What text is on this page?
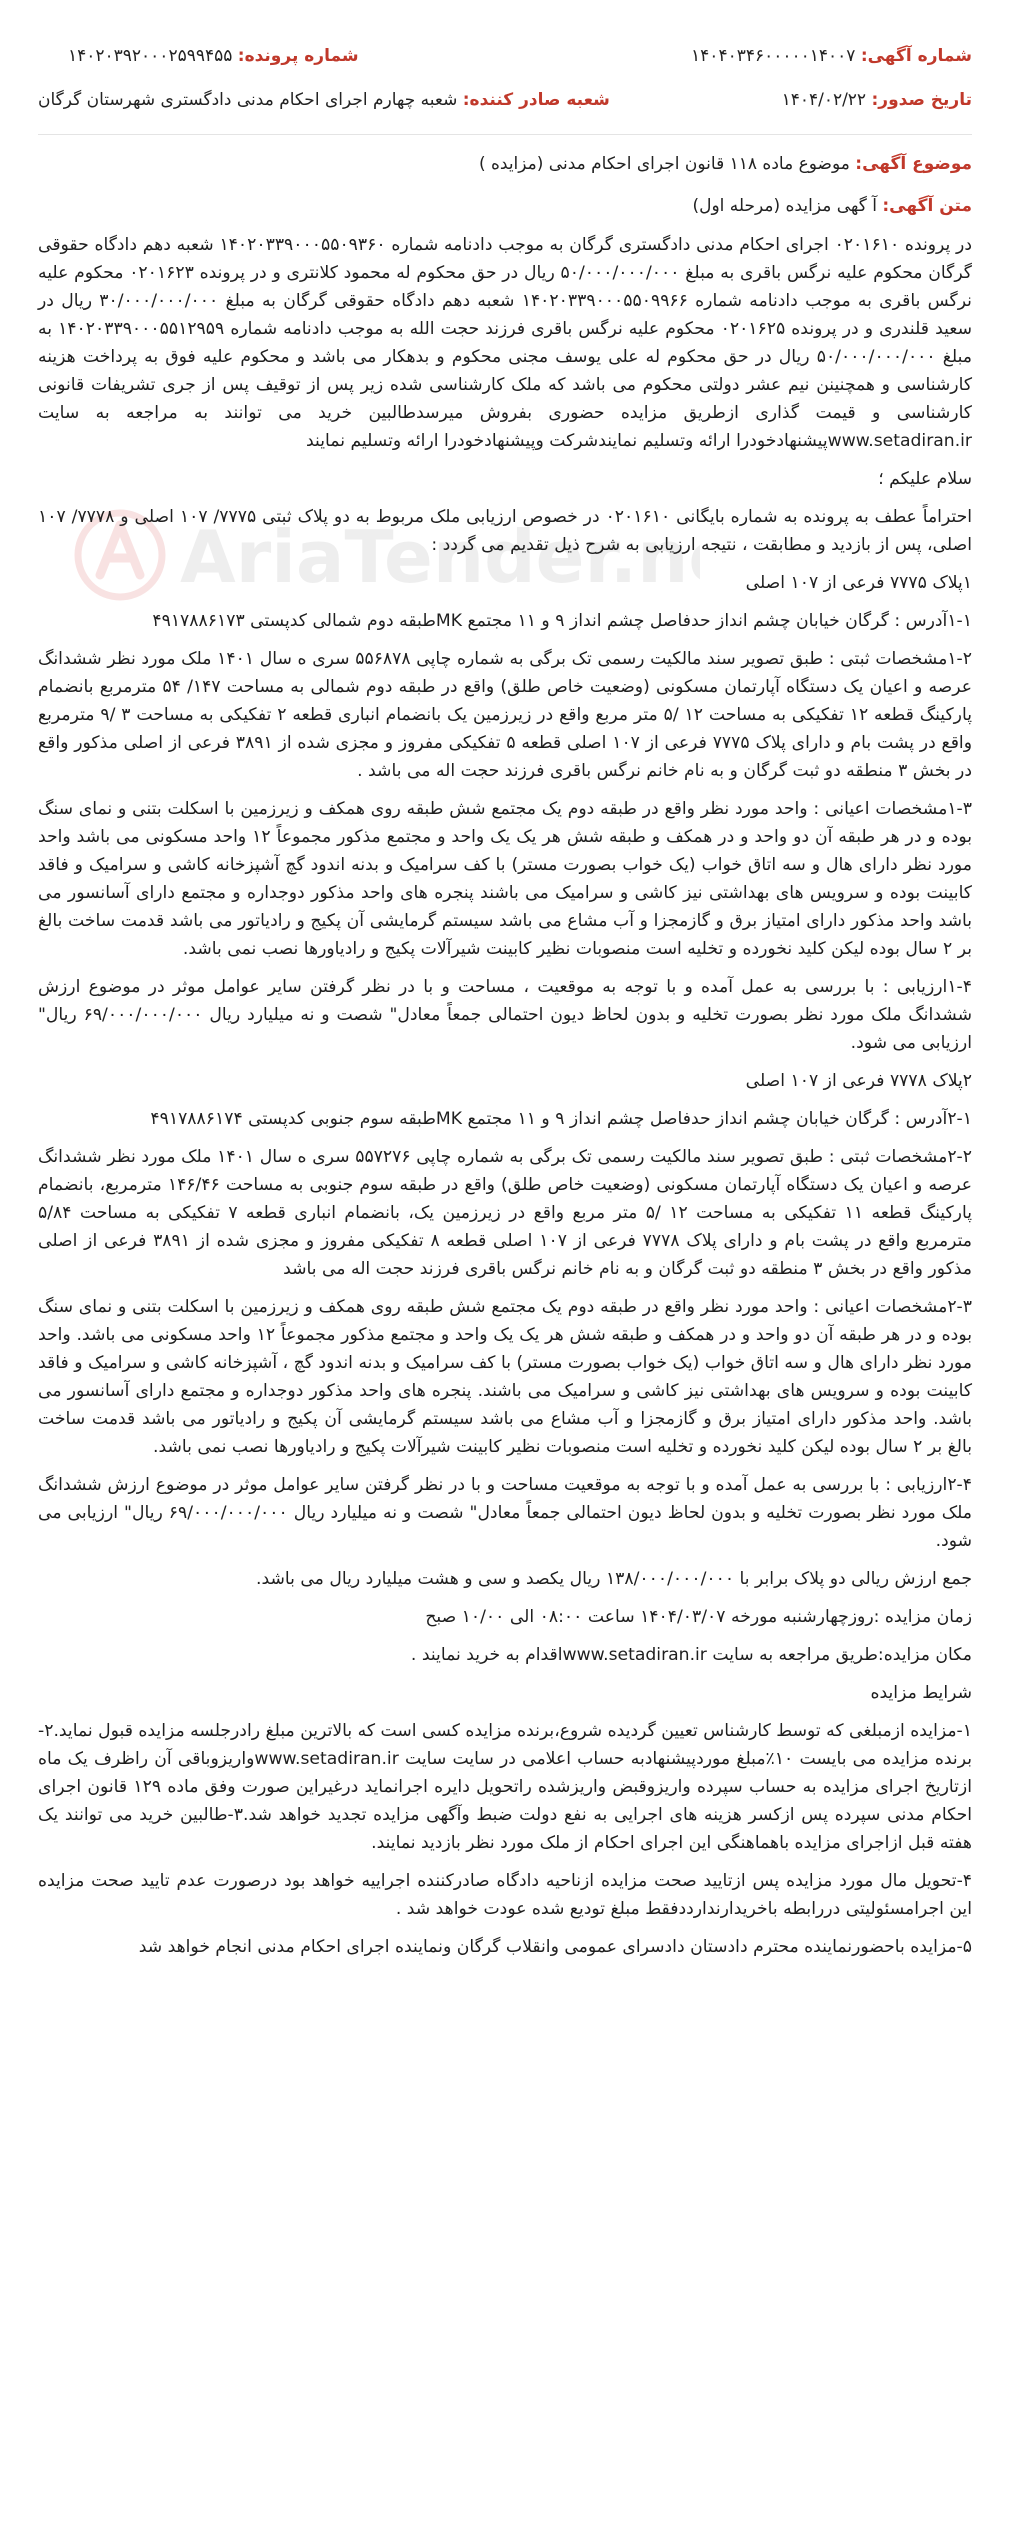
AriaTender.n
شماره آگهی: ۱۴۰۴۰۳۴۶۰۰۰۰۰۱۴۰۰۷
شماره پرونده: ۱۴۰۲۰۳۹۲۰۰۰۲۵۹۹۴۵۵
تاریخ صدور: ۱۴۰۴/۰۲/۲۲
شعبه صادر کننده: شعبه چهارم اجرای احکام مدنی دادگستری شهرستان گرگان

موضوع آگهی: موضوع ماده ۱۱۸ قانون اجرای احکام مدنی (مزایده )

متن آگهی: آ گهی مزایده (مرحله اول)

در پرونده ۰۲۰۱۶۱۰ اجرای احکام مدنی دادگستری گرگان به موجب دادنامه شماره ۱۴۰۲۰۳۳۹۰۰۰۵۵۰۹۳۶۰ شعبه دهم دادگاه حقوقی گرگان محکوم علیه نرگس باقری به مبلغ ۵۰/۰۰۰/۰۰۰/۰۰۰ ریال در حق محکوم له محمود کلانتری و در پرونده ۰۲۰۱۶۲۳ محکوم علیه نرگس باقری به موجب دادنامه شماره ۱۴۰۲۰۳۳۹۰۰۰۵۵۰۹۹۶۶ شعبه دهم دادگاه حقوقی گرگان به مبلغ ۳۰/۰۰۰/۰۰۰/۰۰۰ ریال در سعید قلندری و در پرونده ۰۲۰۱۶۲۵ محکوم علیه نرگس باقری فرزند حجت الله به موجب دادنامه شماره ۱۴۰۲۰۳۳۹۰۰۰۵۵۱۲۹۵۹ به مبلغ ۵۰/۰۰۰/۰۰۰/۰۰۰ ریال در حق محکوم له علی یوسف مجنی محکوم و بدهکار می باشد و محکوم علیه فوق به پرداخت هزینه کارشناسی و همچنینن نیم عشر دولتی محکوم می باشد که ملک کارشناسی شده زیر پس از توقیف پس از جری تشریفات قانونی کارشناسی و قیمت گذاری ازطریق مزایده حضوری بفروش میرسدطالبین خرید می توانند به مراجعه به سایت www.setadiran.irپیشنهادخودرا ارائه وتسلیم نمایندشرکت وپیشنهادخودرا ارائه وتسلیم نمایند

سلام علیکم ؛

احتراماً عطف به پرونده به شماره بایگانی ۰۲۰۱۶۱۰ در خصوص ارزیابی ملک مربوط به دو پلاک ثبتی ۷۷۷۵/ ۱۰۷ اصلی و ۷۷۷۸/ ۱۰۷ اصلی، پس از بازدید و مطابقت ، نتیجه ارزیابی به شرح ذیل تقدیم می گردد :

۱پلاک ۷۷۷۵ فرعی از ۱۰۷ اصلی

۱-۱آدرس : گرگان خیابان چشم انداز حدفاصل چشم انداز ۹ و ۱۱ مجتمع MKطبقه دوم شمالی کدپستی ۴۹۱۷۸۸۶۱۷۳

۱-۲مشخصات ثبتی : طبق تصویر سند مالکیت رسمی تک برگی به شماره چاپی ۵۵۶۸۷۸ سری ه سال ۱۴۰۱ ملک مورد نظر ششدانگ عرصه و اعیان یک دستگاه آپارتمان مسکونی (وضعیت خاص طلق) واقع در طبقه دوم شمالی به مساحت ۱۴۷/ ۵۴ مترمربع بانضمام پارکینگ قطعه ۱۲ تفکیکی به مساحت ۱۲ /۵ متر مربع واقع در زیرزمین یک بانضمام انباری قطعه ۲ تفکیکی به مساحت ۳ /۹ مترمربع واقع در پشت بام و دارای پلاک ۷۷۷۵ فرعی از ۱۰۷ اصلی قطعه ۵ تفکیکی مفروز و مجزی شده از ۳۸۹۱ فرعی از اصلی مذکور واقع در بخش ۳ منطقه دو ثبت گرگان و به نام خانم نرگس باقری فرزند حجت اله می باشد .

۱-۳مشخصات اعیانی : واحد مورد نظر واقع در طبقه دوم یک مجتمع شش طبقه روی همکف و زیرزمین با اسکلت بتنی و نمای سنگ بوده و در هر طبقه آن دو واحد و در همکف و طبقه شش هر یک یک واحد و مجتمع مذکور مجموعاً ۱۲ واحد مسکونی می باشد واحد مورد نظر دارای هال و سه اتاق خواب (یک خواب بصورت مستر) با کف سرامیک و بدنه اندود گچ آشپزخانه کاشی و سرامیک و فاقد کابینت بوده و سرویس های بهداشتی نیز کاشی و سرامیک می باشند پنجره های واحد مذکور دوجداره و مجتمع دارای آسانسور می باشد واحد مذکور دارای امتیاز برق و گازمجزا و آب مشاع می باشد سیستم گرمایشی آن پکیج و رادیاتور می باشد قدمت ساخت بالغ بر ۲ سال بوده لیکن کلید نخورده و تخلیه است منصوبات نظیر کابینت شیرآلات پکیج و رادیاورها نصب نمی باشد.

۱-۴ارزیابی : با بررسی به عمل آمده و با توجه به موقعیت ، مساحت و با در نظر گرفتن سایر عوامل موثر در موضوع ارزش ششدانگ ملک مورد نظر بصورت تخلیه و بدون لحاظ دیون احتمالی جمعاً معادل" شصت و نه میلیارد ریال ۶۹/۰۰۰/۰۰۰/۰۰۰ ریال" ارزیابی می شود.

۲پلاک ۷۷۷۸ فرعی از ۱۰۷ اصلی

۲-۱آدرس : گرگان خیابان چشم انداز حدفاصل چشم انداز ۹ و ۱۱ مجتمع MKطبقه سوم جنوبی کدپستی ۴۹۱۷۸۸۶۱۷۴

۲-۲مشخصات ثبتی : طبق تصویر سند مالکیت رسمی تک برگی به شماره چاپی ۵۵۷۲۷۶ سری ه سال ۱۴۰۱ ملک مورد نظر ششدانگ عرصه و اعیان یک دستگاه آپارتمان مسکونی (وضعیت خاص طلق) واقع در طبقه سوم جنوبی به مساحت ۱۴۶/۴۶ مترمربع، بانضمام پارکینگ قطعه ۱۱ تفکیکی به مساحت ۱۲ /۵ متر مربع واقع در زیرزمین یک، بانضمام انباری قطعه ۷ تفکیکی به مساحت ۵/۸۴ مترمربع واقع در پشت بام و دارای پلاک ۷۷۷۸ فرعی از ۱۰۷ اصلی قطعه ۸ تفکیکی مفروز و مجزی شده از ۳۸۹۱ فرعی از اصلی مذکور واقع در بخش ۳ منطقه دو ثبت گرگان و به نام خانم نرگس باقری فرزند حجت اله می باشد

۲-۳مشخصات اعیانی : واحد مورد نظر واقع در طبقه دوم یک مجتمع شش طبقه روی همکف و زیرزمین با اسکلت بتنی و نمای سنگ بوده و در هر طبقه آن دو واحد و در همکف و طبقه شش هر یک یک واحد و مجتمع مذکور مجموعاً ۱۲ واحد مسکونی می باشد. واحد مورد نظر دارای هال و سه اتاق خواب (یک خواب بصورت مستر) با کف سرامیک و بدنه اندود گچ ، آشپزخانه کاشی و سرامیک و فاقد کابینت بوده و سرویس های بهداشتی نیز کاشی و سرامیک می باشند. پنجره های واحد مذکور دوجداره و مجتمع دارای آسانسور می باشد. واحد مذکور دارای امتیاز برق و گازمجزا و آب مشاع می باشد سیستم گرمایشی آن پکیج و رادیاتور می باشد قدمت ساخت بالغ بر ۲ سال بوده لیکن کلید نخورده و تخلیه است منصوبات نظیر کابینت شیرآلات پکیج و رادیاورها نصب نمی باشد.

۲-۴ارزیابی : با بررسی به عمل آمده و با توجه به موقعیت مساحت و با در نظر گرفتن سایر عوامل موثر در موضوع ارزش ششدانگ ملک مورد نظر بصورت تخلیه و بدون لحاظ دیون احتمالی جمعاً معادل" شصت و نه میلیارد ریال ۶۹/۰۰۰/۰۰۰/۰۰۰ ریال" ارزیابی می شود.

جمع ارزش ریالی دو پلاک برابر با ۱۳۸/۰۰۰/۰۰۰/۰۰۰ ریال یکصد و سی و هشت میلیارد ریال می باشد.

زمان مزایده :روزچهارشنبه مورخه ۱۴۰۴/۰۳/۰۷ ساعت ۰۸:۰۰ الی ۱۰/۰۰ صبح

مکان مزایده:طریق مراجعه به سایت www.setadiran.irاقدام به خرید نمایند .

شرایط مزایده

۱-مزایده ازمبلغی که توسط کارشناس تعیین گردیده شروع،برنده مزایده کسی است که بالاترین مبلغ رادرجلسه مزایده قبول نماید.۲-برنده مزایده می بایست ۱۰٪مبلغ موردپیشنهادبه حساب اعلامی در سایت سایت www.setadiran.irواریزوباقی آن راظرف یک ماه ازتاریخ اجرای مزایده به حساب سپرده واریزوقبض واریزشده راتحویل دایره اجرانماید درغیراین صورت وفق ماده ۱۲۹ قانون اجرای احکام مدنی سپرده پس ازکسر هزینه های اجرایی به نفع دولت ضبط وآگهی مزایده تجدید خواهد شد.۳-طالبین خرید می توانند یک هفته قبل ازاجرای مزایده باهماهنگی این اجرای احکام از ملک مورد نظر بازدید نمایند.

۴-تحویل مال مورد مزایده پس ازتایید صحت مزایده ازناحیه دادگاه صادرکننده اجراییه خواهد بود درصورت عدم تایید صحت مزایده این اجرامسئولیتی دررابطه باخریدارندارددفقط مبلغ تودیع شده عودت خواهد شد .

۵-مزایده باحضورنماینده محترم دادستان دادسرای عمومی وانقلاب گرگان ونماینده اجرای احکام مدنی انجام خواهد شد
